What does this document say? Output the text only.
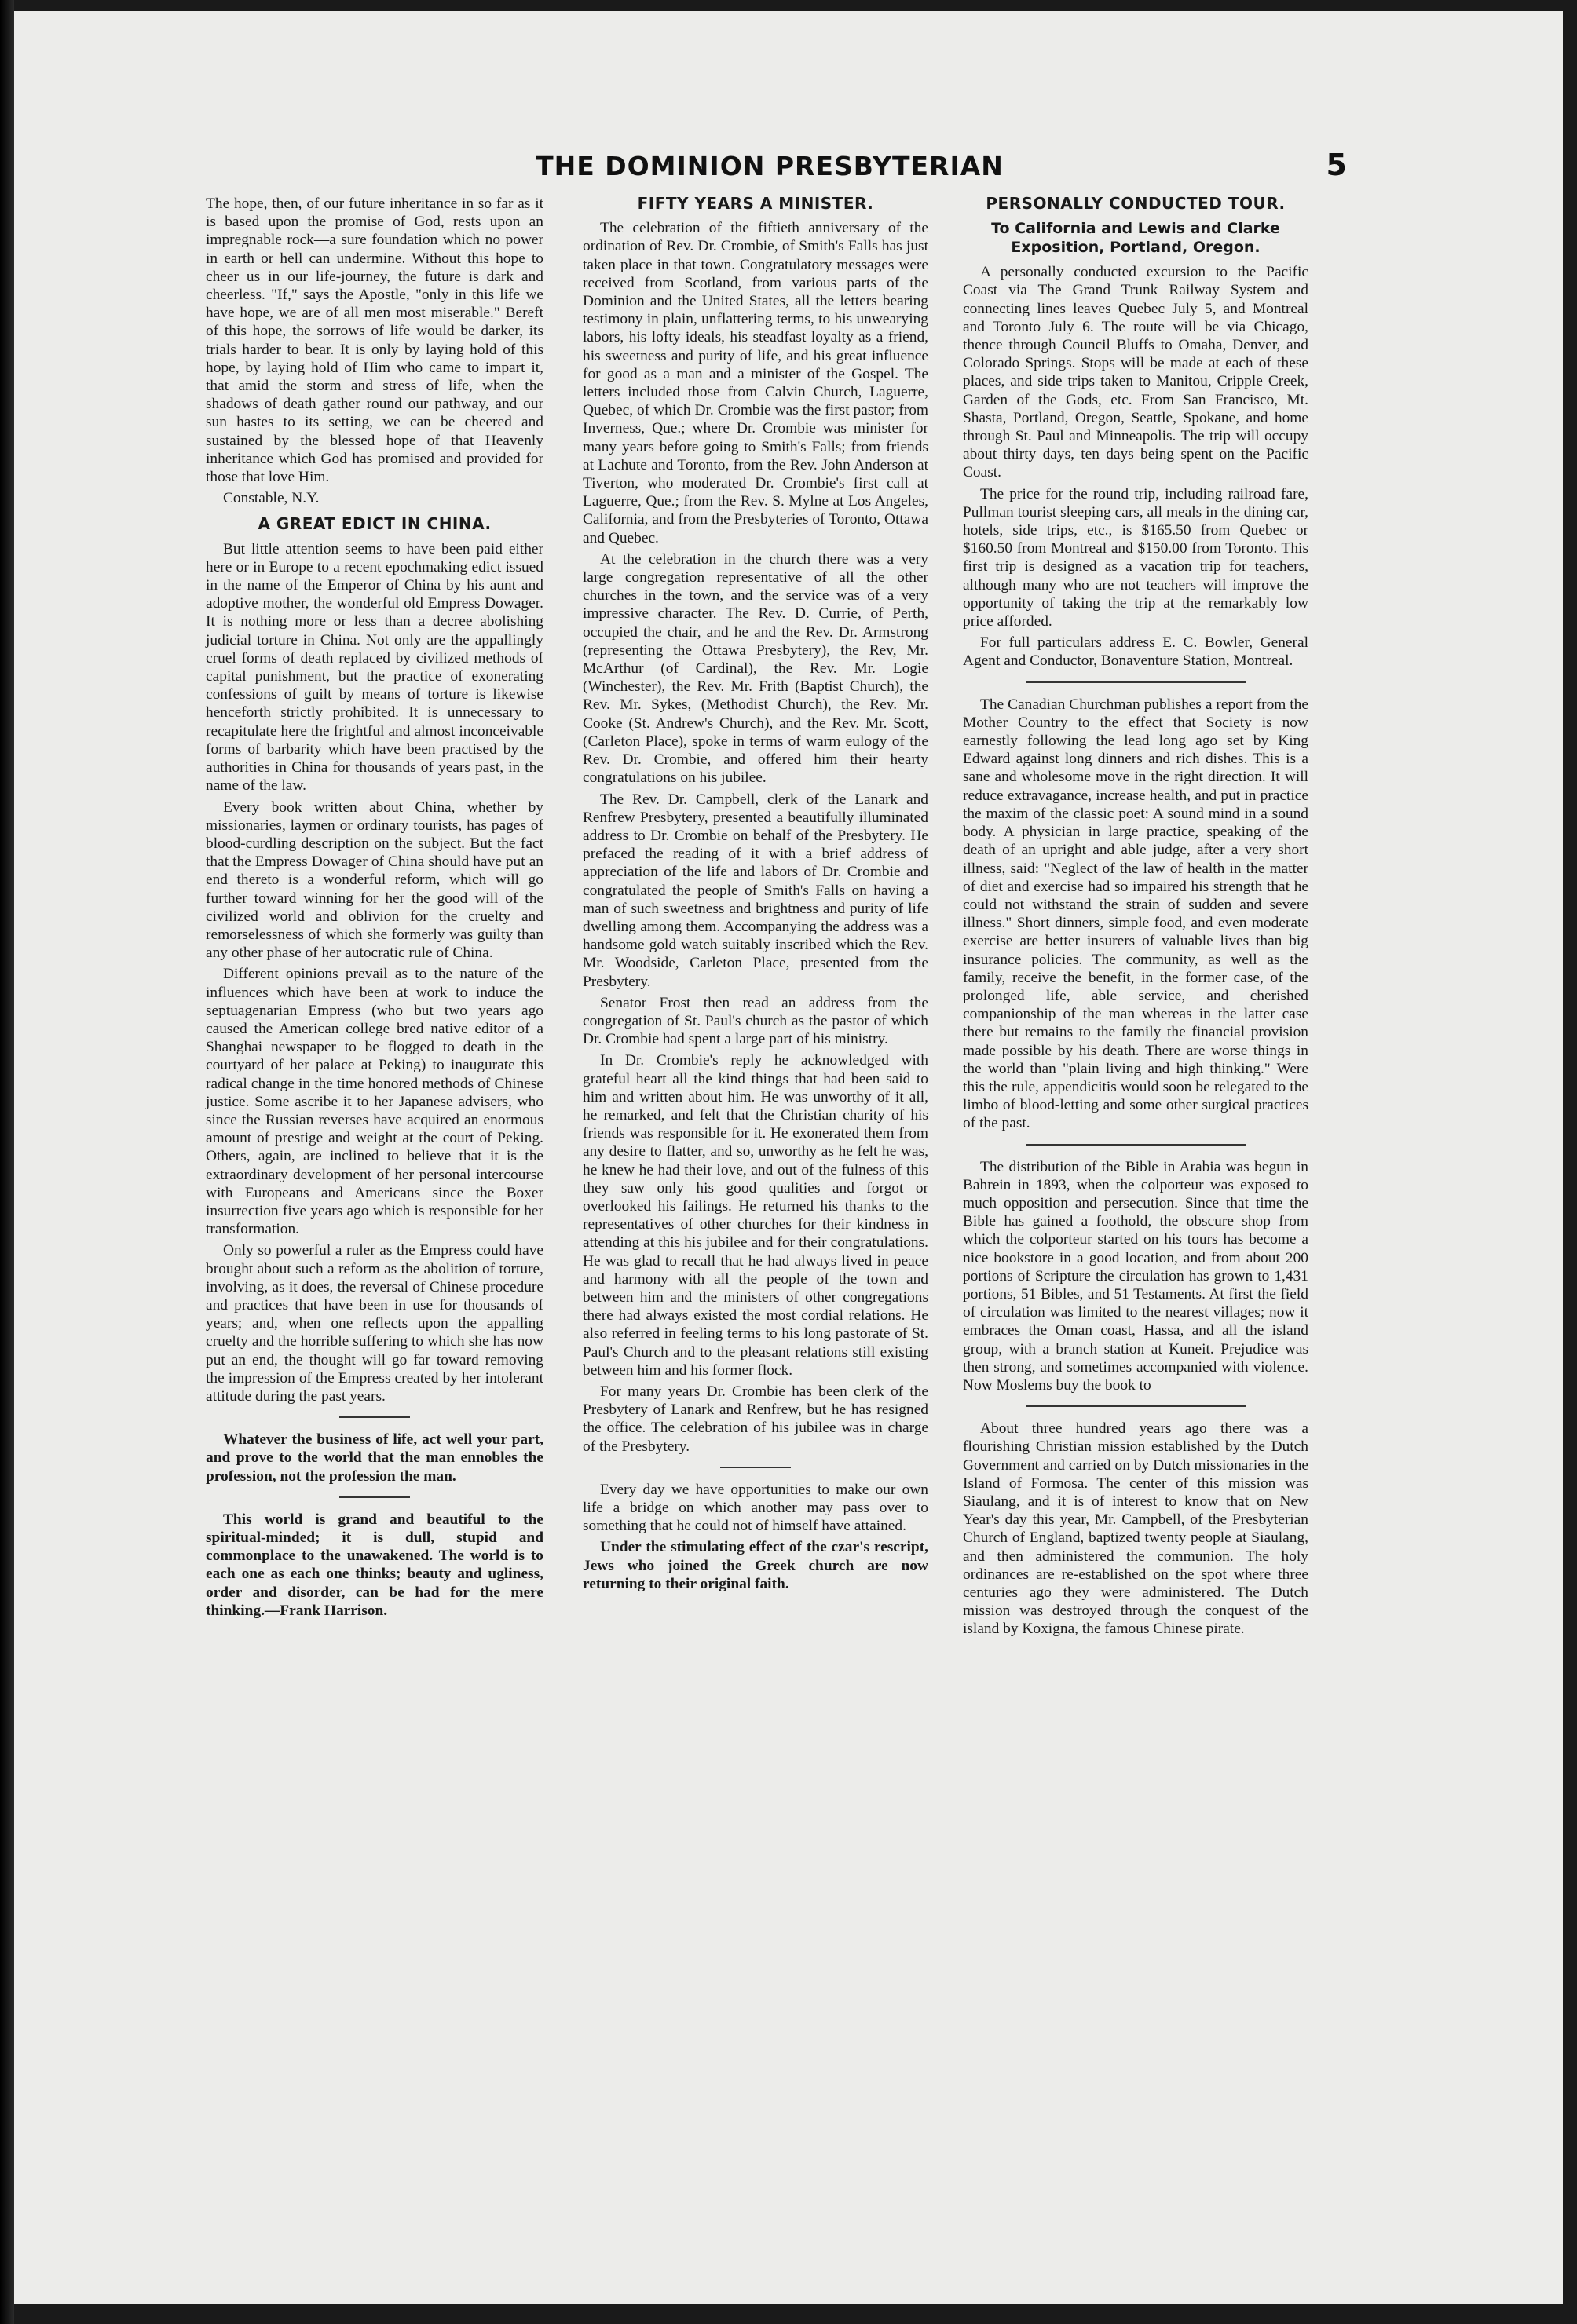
THE DOMINION PRESBYTERIAN	5

The hope, then, of our future inheritance in so far as it is based upon the promise of God, rests upon an impregnable rock—a sure foundation which no power in earth or hell can undermine. Without this hope to cheer us in our life-journey, the future is dark and cheerless. "If," says the Apostle, "only in this life we have hope, we are of all men most miserable." Bereft of this hope, the sorrows of life would be darker, its trials harder to bear. It is only by laying hold of this hope, by laying hold of Him who came to impart it, that amid the storm and stress of life, when the shadows of death gather round our pathway, and our sun hastes to its setting, we can be cheered and sustained by the blessed hope of that Heavenly inheritance which God has promised and provided for those that love Him.

Constable, N.Y.

A GREAT EDICT IN CHINA.

But little attention seems to have been paid either here or in Europe to a recent epochmaking edict issued in the name of the Emperor of China by his aunt and adoptive mother, the wonderful old Empress Dowager. It is nothing more or less than a decree abolishing judicial torture in China. Not only are the appallingly cruel forms of death replaced by civilized methods of capital punishment, but the practice of exonerating confessions of guilt by means of torture is likewise henceforth strictly prohibited. It is unnecessary to recapitulate here the frightful and almost inconceivable forms of barbarity which have been practised by the authorities in China for thousands of years past, in the name of the law.

Every book written about China, whether by missionaries, laymen or ordinary tourists, has pages of blood-curdling description on the subject. But the fact that the Empress Dowager of China should have put an end thereto is a wonderful reform, which will go further toward winning for her the good will of the civilized world and oblivion for the cruelty and remorselessness of which she formerly was guilty than any other phase of her autocratic rule of China.

Different opinions prevail as to the nature of the influences which have been at work to induce the septuagenarian Empress (who but two years ago caused the American college bred native editor of a Shanghai newspaper to be flogged to death in the courtyard of her palace at Peking) to inaugurate this radical change in the time honored methods of Chinese justice. Some ascribe it to her Japanese advisers, who since the Russian reverses have acquired an enormous amount of prestige and weight at the court of Peking. Others, again, are inclined to believe that it is the extraordinary development of her personal intercourse with Europeans and Americans since the Boxer insurrection five years ago which is responsible for her transformation.

Only so powerful a ruler as the Empress could have brought about such a reform as the abolition of torture, involving, as it does, the reversal of Chinese procedure and practices that have been in use for thousands of years; and, when one reflects upon the appalling cruelty and the horrible suffering to which she has now put an end, the thought will go far toward removing the impression of the Empress created by her intolerant attitude during the past years.

Whatever the business of life, act well your part, and prove to the world that the man ennobles the profession, not the profession the man.

This world is grand and beautiful to the spiritual-minded; it is dull, stupid and commonplace to the unawakened. The world is to each one as each one thinks; beauty and ugliness, order and disorder, can be had for the mere thinking.—Frank Harrison.

FIFTY YEARS A MINISTER.

The celebration of the fiftieth anniversary of the ordination of Rev. Dr. Crombie, of Smith's Falls has just taken place in that town. Congratulatory messages were received from Scotland, from various parts of the Dominion and the United States, all the letters bearing testimony in plain, unflattering terms, to his unwearying labors, his lofty ideals, his steadfast loyalty as a friend, his sweetness and purity of life, and his great influence for good as a man and a minister of the Gospel. The letters included those from Calvin Church, Laguerre, Quebec, of which Dr. Crombie was the first pastor; from Inverness, Que.; where Dr. Crombie was minister for many years before going to Smith's Falls; from friends at Lachute and Toronto, from the Rev. John Anderson at Tiverton, who moderated Dr. Crombie's first call at Laguerre, Que.; from the Rev. S. Mylne at Los Angeles, California, and from the Presbyteries of Toronto, Ottawa and Quebec.

At the celebration in the church there was a very large congregation representative of all the other churches in the town, and the service was of a very impressive character. The Rev. D. Currie, of Perth, occupied the chair, and he and the Rev. Dr. Armstrong (representing the Ottawa Presbytery), the Rev, Mr. McArthur (of Cardinal), the Rev. Mr. Logie (Winchester), the Rev. Mr. Frith (Baptist Church), the Rev. Mr. Sykes, (Methodist Church), the Rev. Mr. Cooke (St. Andrew's Church), and the Rev. Mr. Scott, (Carleton Place), spoke in terms of warm eulogy of the Rev. Dr. Crombie, and offered him their hearty congratulations on his jubilee.

The Rev. Dr. Campbell, clerk of the Lanark and Renfrew Presbytery, presented a beautifully illuminated address to Dr. Crombie on behalf of the Presbytery. He prefaced the reading of it with a brief address of appreciation of the life and labors of Dr. Crombie and congratulated the people of Smith's Falls on having a man of such sweetness and brightness and purity of life dwelling among them. Accompanying the address was a handsome gold watch suitably inscribed which the Rev. Mr. Woodside, Carleton Place, presented from the Presbytery.

Senator Frost then read an address from the congregation of St. Paul's church as the pastor of which Dr. Crombie had spent a large part of his ministry.

In Dr. Crombie's reply he acknowledged with grateful heart all the kind things that had been said to him and written about him. He was unworthy of it all, he remarked, and felt that the Christian charity of his friends was responsible for it. He exonerated them from any desire to flatter, and so, unworthy as he felt he was, he knew he had their love, and out of the fulness of this they saw only his good qualities and forgot or overlooked his failings. He returned his thanks to the representatives of other churches for their kindness in attending at this his jubilee and for their congratulations. He was glad to recall that he had always lived in peace and harmony with all the people of the town and between him and the ministers of other congregations there had always existed the most cordial relations. He also referred in feeling terms to his long pastorate of St. Paul's Church and to the pleasant relations still existing between him and his former flock.

For many years Dr. Crombie has been clerk of the Presbytery of Lanark and Renfrew, but he has resigned the office. The celebration of his jubilee was in charge of the Presbytery.

Every day we have opportunities to make our own life a bridge on which another may pass over to something that he could not of himself have attained.

Under the stimulating effect of the czar's rescript, Jews who joined the Greek church are now returning to their original faith.

PERSONALLY CONDUCTED TOUR.
To California and Lewis and Clarke Exposition, Portland, Oregon.

A personally conducted excursion to the Pacific Coast via The Grand Trunk Railway System and connecting lines leaves Quebec July 5, and Montreal and Toronto July 6. The route will be via Chicago, thence through Council Bluffs to Omaha, Denver, and Colorado Springs. Stops will be made at each of these places, and side trips taken to Manitou, Cripple Creek, Garden of the Gods, etc. From San Francisco, Mt. Shasta, Portland, Oregon, Seattle, Spokane, and home through St. Paul and Minneapolis. The trip will occupy about thirty days, ten days being spent on the Pacific Coast.

The price for the round trip, including railroad fare, Pullman tourist sleeping cars, all meals in the dining car, hotels, side trips, etc., is $165.50 from Quebec or $160.50 from Montreal and $150.00 from Toronto. This first trip is designed as a vacation trip for teachers, although many who are not teachers will improve the opportunity of taking the trip at the remarkably low price afforded.

For full particulars address E. C. Bowler, General Agent and Conductor, Bonaventure Station, Montreal.

The Canadian Churchman publishes a report from the Mother Country to the effect that Society is now earnestly following the lead long ago set by King Edward against long dinners and rich dishes. This is a sane and wholesome move in the right direction. It will reduce extravagance, increase health, and put in practice the maxim of the classic poet: A sound mind in a sound body. A physician in large practice, speaking of the death of an upright and able judge, after a very short illness, said: "Neglect of the law of health in the matter of diet and exercise had so impaired his strength that he could not withstand the strain of sudden and severe illness." Short dinners, simple food, and even moderate exercise are better insurers of valuable lives than big insurance policies. The community, as well as the family, receive the benefit, in the former case, of the prolonged life, able service, and cherished companionship of the man whereas in the latter case there but remains to the family the financial provision made possible by his death. There are worse things in the world than "plain living and high thinking." Were this the rule, appendicitis would soon be relegated to the limbo of blood-letting and some other surgical practices of the past.

The distribution of the Bible in Arabia was begun in Bahrein in 1893, when the colporteur was exposed to much opposition and persecution. Since that time the Bible has gained a foothold, the obscure shop from which the colporteur started on his tours has become a nice bookstore in a good location, and from about 200 portions of Scripture the circulation has grown to 1,431 portions, 51 Bibles, and 51 Testaments. At first the field of circulation was limited to the nearest villages; now it embraces the Oman coast, Hassa, and all the island group, with a branch station at Kuneit. Prejudice was then strong, and sometimes accompanied with violence. Now Moslems buy the book to

About three hundred years ago there was a flourishing Christian mission established by the Dutch Government and carried on by Dutch missionaries in the Island of Formosa. The center of this mission was Siaulang, and it is of interest to know that on New Year's day this year, Mr. Campbell, of the Presbyterian Church of England, baptized twenty people at Siaulang, and then administered the communion. The holy ordinances are re-established on the spot where three centuries ago they were administered. The Dutch mission was destroyed through the conquest of the island by Koxigna, the famous Chinese pirate.
